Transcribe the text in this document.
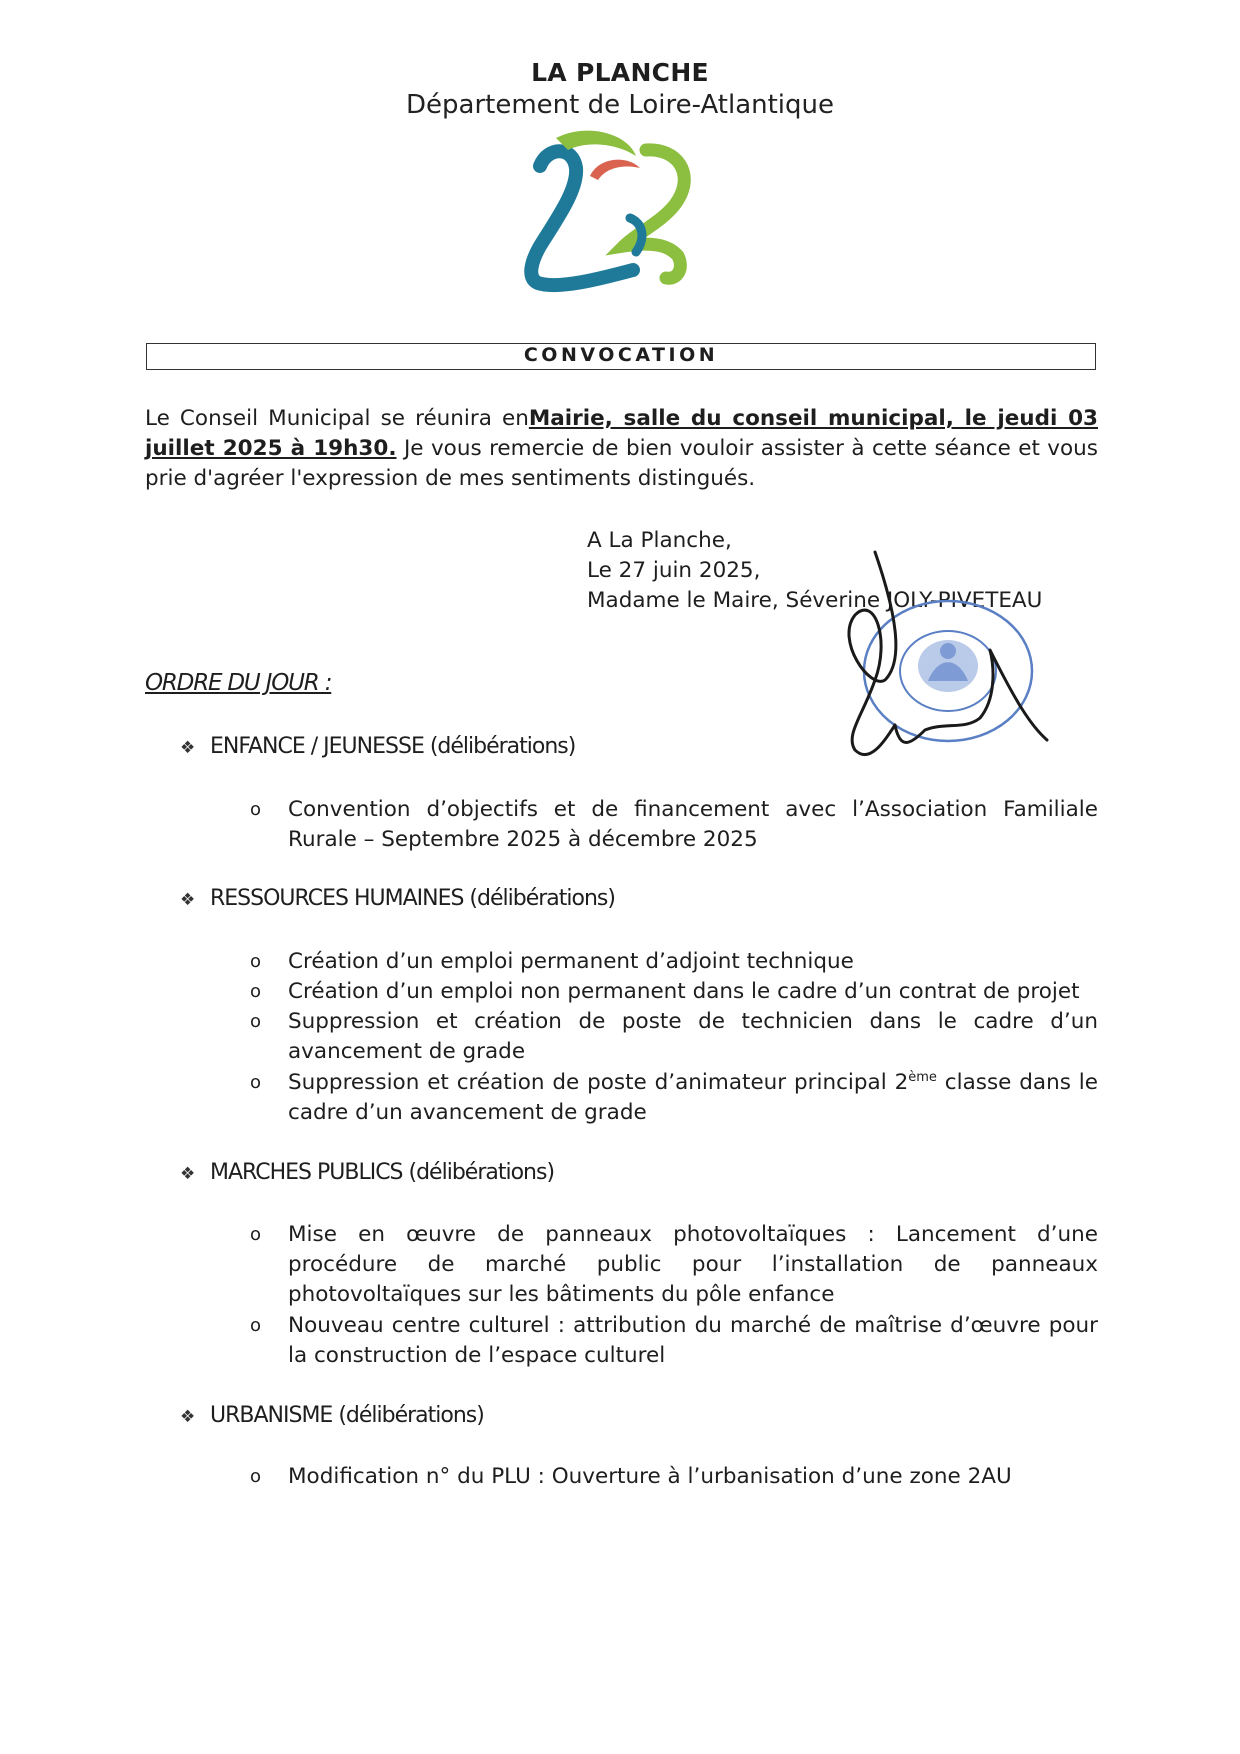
LA PLANCHE
Département de Loire-Atlantique
CONVOCATION
Le Conseil Municipal se réunira enMairie, salle du conseil municipal, le jeudi 03 juillet 2025 à 19h30. Je vous remercie de bien vouloir assister à cette séance et vous prie d'agréer l'expression de mes sentiments distingués.
A La Planche,
Le 27 juin 2025,
Madame le Maire, Séverine JOLY-PIVETEAU
ORDRE DU JOUR :
❖ ENFANCE / JEUNESSE (délibérations)
o Convention d’objectifs et de financement avec l’Association Familiale Rurale – Septembre 2025 à décembre 2025
❖ RESSOURCES HUMAINES (délibérations)
o Création d’un emploi permanent d’adjoint technique
o Création d’un emploi non permanent dans le cadre d’un contrat de projet
o Suppression et création de poste de technicien dans le cadre d’un avancement de grade
o Suppression et création de poste d’animateur principal 2ème classe dans le cadre d’un avancement de grade
❖ MARCHES PUBLICS (délibérations)
o Mise en œuvre de panneaux photovoltaïques : Lancement d’une procédure de marché public pour l’installation de panneaux photovoltaïques sur les bâtiments du pôle enfance
o Nouveau centre culturel : attribution du marché de maîtrise d’œuvre pour la construction de l’espace culturel
❖ URBANISME (délibérations)
o Modification n° du PLU : Ouverture à l’urbanisation d’une zone 2AU
